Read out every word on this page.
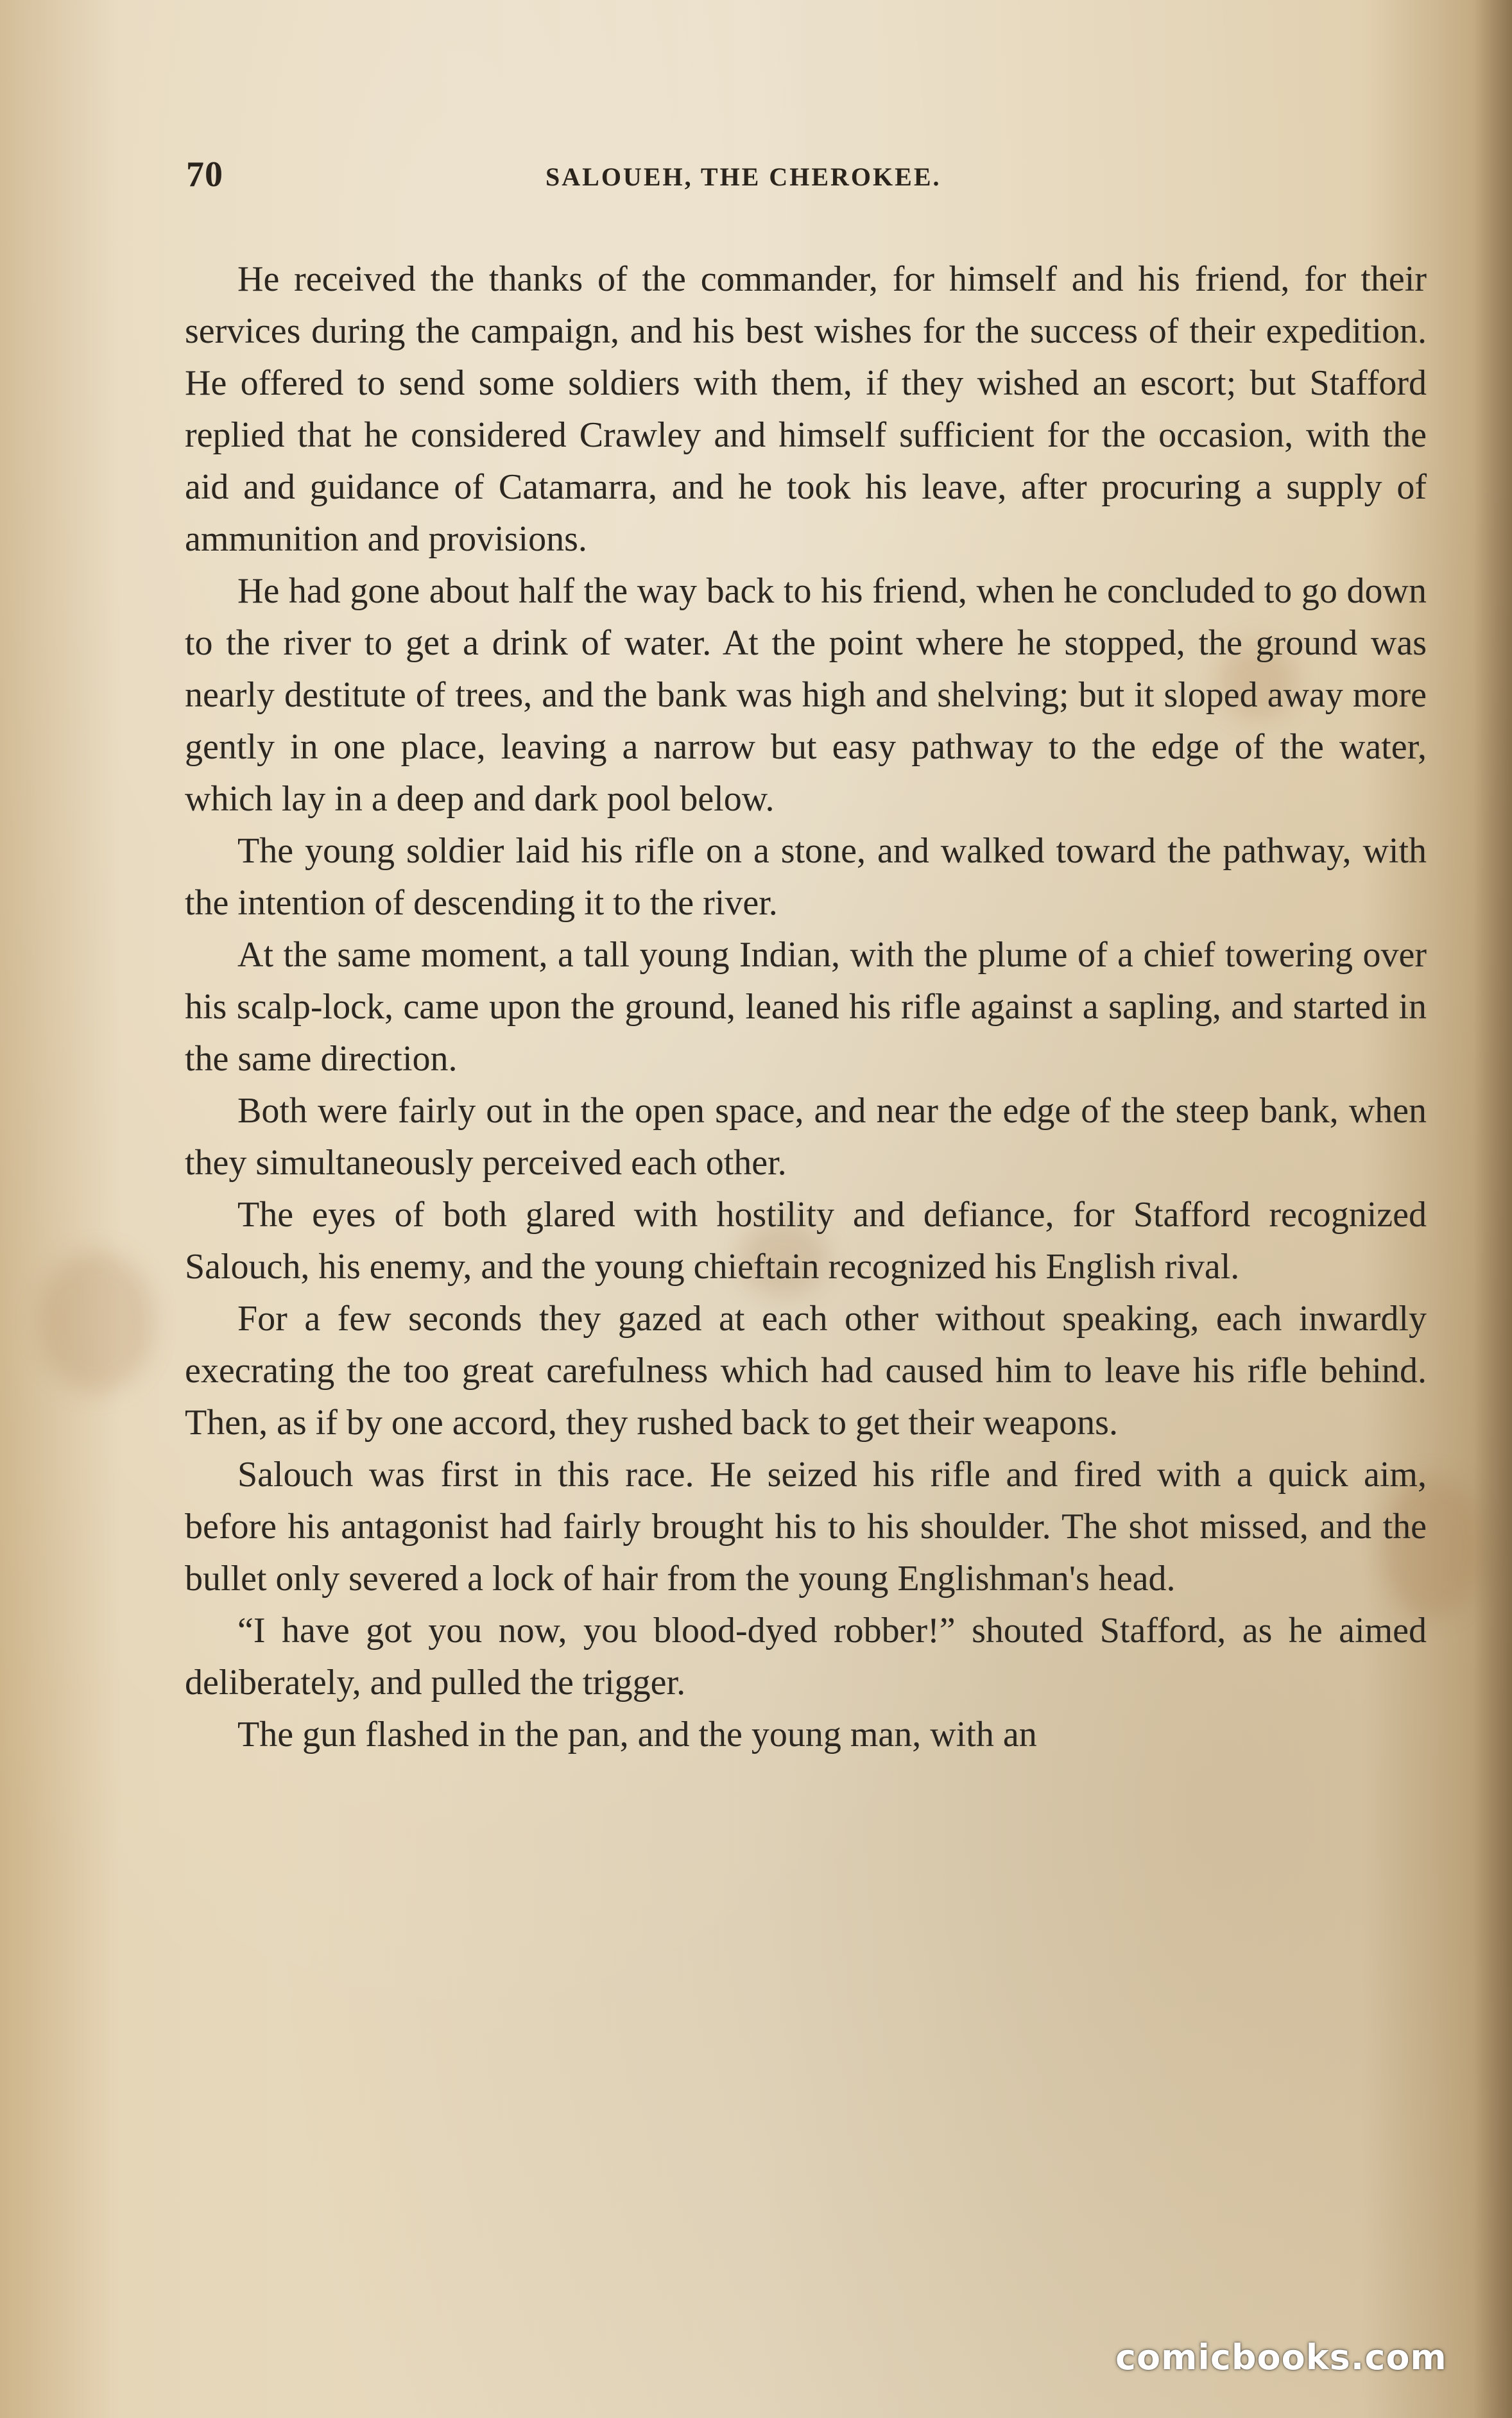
70	SALOUEH, THE CHEROKEE.

He received the thanks of the commander, for himself and his friend, for their services during the campaign, and his best wishes for the success of their expedition. He offered to send some soldiers with them, if they wished an escort; but Stafford replied that he considered Crawley and himself sufficient for the occasion, with the aid and guidance of Catamarra, and he took his leave, after procuring a supply of ammunition and provisions.

He had gone about half the way back to his friend, when he concluded to go down to the river to get a drink of water. At the point where he stopped, the ground was nearly destitute of trees, and the bank was high and shelving; but it sloped away more gently in one place, leaving a narrow but easy pathway to the edge of the water, which lay in a deep and dark pool below.

The young soldier laid his rifle on a stone, and walked toward the pathway, with the intention of descending it to the river.

At the same moment, a tall young Indian, with the plume of a chief towering over his scalp-lock, came upon the ground, leaned his rifle against a sapling, and started in the same direction.

Both were fairly out in the open space, and near the edge of the steep bank, when they simultaneously perceived each other.

The eyes of both glared with hostility and defiance, for Stafford recognized Salouch, his enemy, and the young chieftain recognized his English rival.

For a few seconds they gazed at each other without speaking, each inwardly execrating the too great carefulness which had caused him to leave his rifle behind. Then, as if by one accord, they rushed back to get their weapons.

Salouch was first in this race. He seized his rifle and fired with a quick aim, before his antagonist had fairly brought his to his shoulder. The shot missed, and the bullet only severed a lock of hair from the young Englishman's head.

“I have got you now, you blood-dyed robber!” shouted Stafford, as he aimed deliberately, and pulled the trigger.

The gun flashed in the pan, and the young man, with an

comicbooks.com
